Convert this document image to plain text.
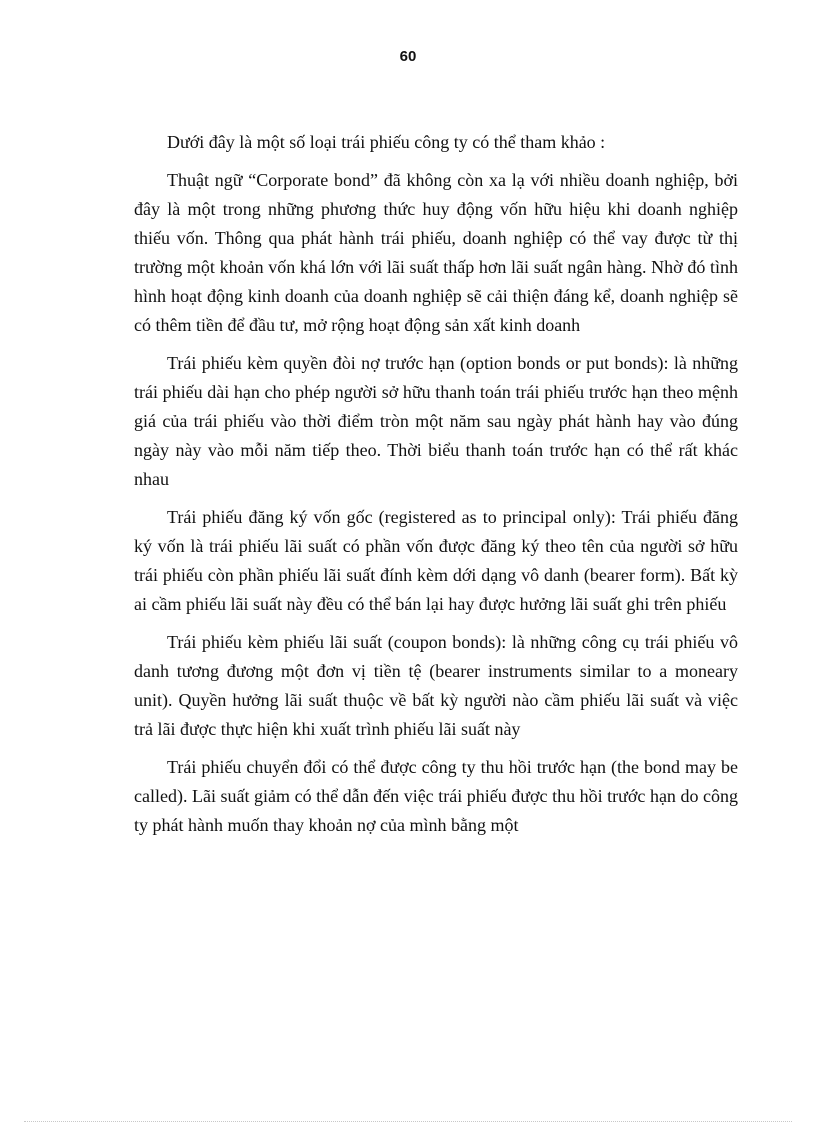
60

Dưới đây là một số loại trái phiếu công ty có thể tham khảo :

Thuật ngữ “Corporate bond” đã không còn xa lạ với nhiều doanh nghiệp, bởi đây là một trong những phương thức huy động vốn hữu hiệu khi doanh nghiệp thiếu vốn. Thông qua phát hành trái phiếu, doanh nghiệp có thể vay được từ thị trường một khoản vốn khá lớn với lãi suất thấp hơn lãi suất ngân hàng. Nhờ đó tình hình hoạt động kinh doanh của doanh nghiệp sẽ cải thiện đáng kể, doanh nghiệp sẽ có thêm tiền để đầu tư, mở rộng hoạt động sản xất kinh doanh

Trái phiếu kèm quyền đòi nợ trước hạn (option bonds or put bonds): là những trái phiếu dài hạn cho phép người sở hữu thanh toán trái phiếu trước hạn theo mệnh giá của trái phiếu vào thời điểm tròn một năm sau ngày phát hành hay vào đúng ngày này vào mỗi năm tiếp theo. Thời biểu thanh toán trước hạn có thể rất khác nhau

Trái phiếu đăng ký vốn gốc (registered as to principal only): Trái phiếu đăng ký vốn là trái phiếu lãi suất có phần vốn được đăng ký theo tên của người sở hữu trái phiếu còn phần phiếu lãi suất đính kèm dới dạng vô danh (bearer form). Bất kỳ ai cầm phiếu lãi suất này đều có thể bán lại hay được hưởng lãi suất ghi trên phiếu

Trái phiếu kèm phiếu lãi suất (coupon bonds): là những công cụ trái phiếu vô danh tương đương một đơn vị tiền tệ (bearer instruments similar to a moneary unit). Quyền hưởng lãi suất thuộc về bất kỳ người nào cầm phiếu lãi suất và việc trả lãi được thực hiện khi xuất trình phiếu lãi suất này

Trái phiếu chuyển đổi có thể được công ty thu hồi trước hạn (the bond may be called). Lãi suất giảm có thể dẫn đến việc trái phiếu được thu hồi trước hạn do công ty phát hành muốn thay khoản nợ của mình bằng một
